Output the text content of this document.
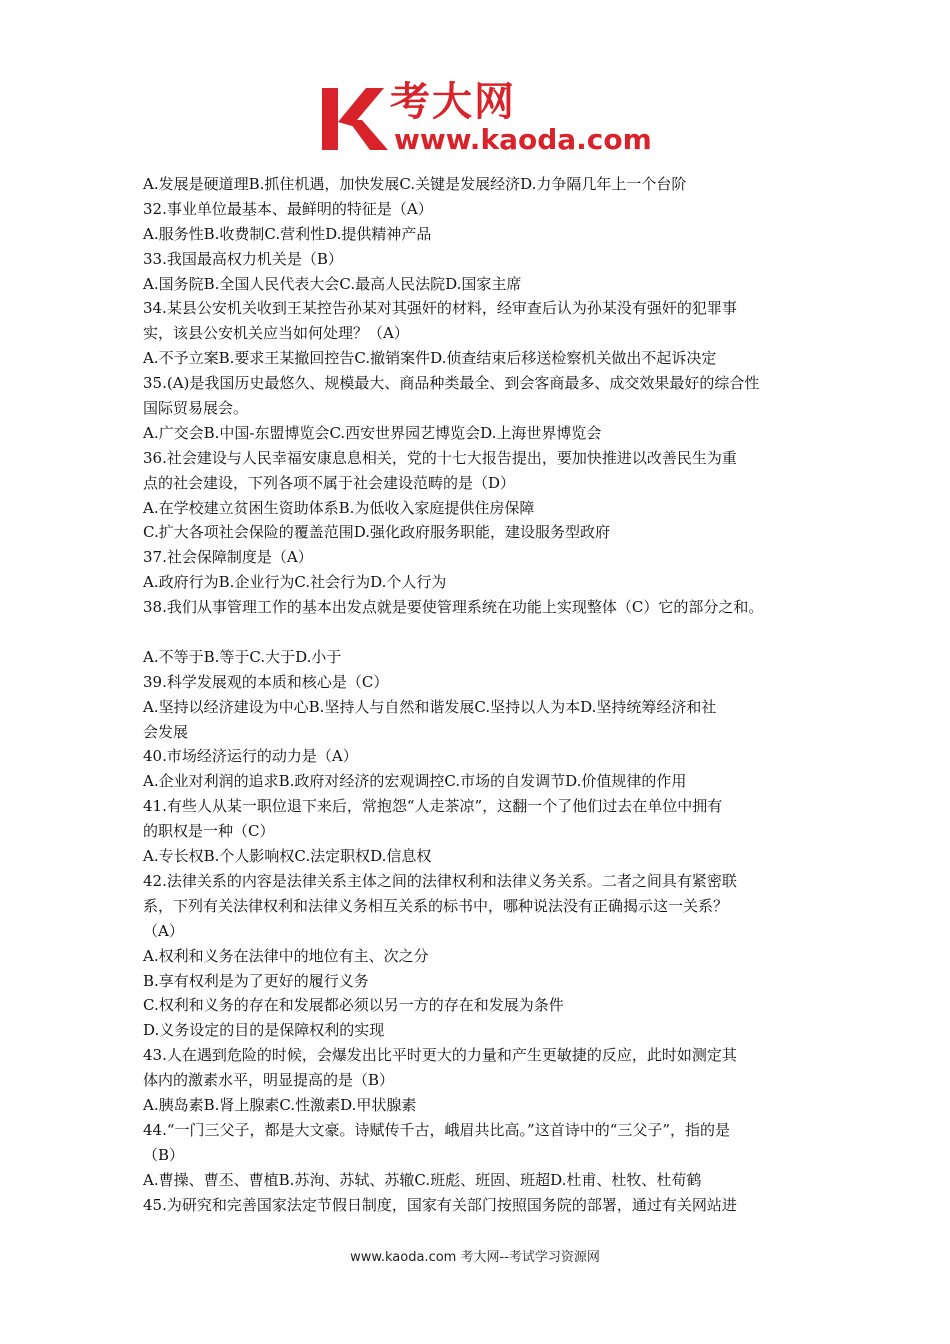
考大网
www.kaoda.com
A.发展是硬道理B.抓住机遇，加快发展C.关键是发展经济D.力争隔几年上一个台阶
32.事业单位最基本、最鲜明的特征是（A）
A.服务性B.收费制C.营利性D.提供精神产品
33.我国最高权力机关是（B）
A.国务院B.全国人民代表大会C.最高人民法院D.国家主席
34.某县公安机关收到王某控告孙某对其强奸的材料，经审查后认为孙某没有强奸的犯罪事
实，该县公安机关应当如何处理？（A）
A.不予立案B.要求王某撤回控告C.撤销案件D.侦查结束后移送检察机关做出不起诉决定
35.(A)是我国历史最悠久、规模最大、商品种类最全、到会客商最多、成交效果最好的综合性
国际贸易展会。
A.广交会B.中国-东盟博览会C.西安世界园艺博览会D.上海世界博览会
36.社会建设与人民幸福安康息息相关，党的十七大报告提出，要加快推进以改善民生为重
点的社会建设，下列各项不属于社会建设范畴的是（D）
A.在学校建立贫困生资助体系B.为低收入家庭提供住房保障
C.扩大各项社会保险的覆盖范围D.强化政府服务职能，建设服务型政府
37.社会保障制度是（A）
A.政府行为B.企业行为C.社会行为D.个人行为
38.我们从事管理工作的基本出发点就是要使管理系统在功能上实现整体（C）它的部分之和。
A.不等于B.等于C.大于D.小于
39.科学发展观的本质和核心是（C）
A.坚持以经济建设为中心B.坚持人与自然和谐发展C.坚持以人为本D.坚持统筹经济和社
会发展
40.市场经济运行的动力是（A）
A.企业对利润的追求B.政府对经济的宏观调控C.市场的自发调节D.价值规律的作用
41.有些人从某一职位退下来后，常抱怨“人走茶凉”，这翻一个了他们过去在单位中拥有
的职权是一种（C）
A.专长权B.个人影响权C.法定职权D.信息权
42.法律关系的内容是法律关系主体之间的法律权利和法律义务关系。二者之间具有紧密联
系，下列有关法律权利和法律义务相互关系的标书中，哪种说法没有正确揭示这一关系？
（A）
A.权利和义务在法律中的地位有主、次之分
B.享有权利是为了更好的履行义务
C.权利和义务的存在和发展都必须以另一方的存在和发展为条件
D.义务设定的目的是保障权利的实现
43.人在遇到危险的时候，会爆发出比平时更大的力量和产生更敏捷的反应，此时如测定其
体内的激素水平，明显提高的是（B）
A.胰岛素B.肾上腺素C.性激素D.甲状腺素
44.“一门三父子，都是大文豪。诗赋传千古，峨眉共比高。”这首诗中的“三父子”，指的是
（B）
A.曹操、曹丕、曹植B.苏洵、苏轼、苏辙C.班彪、班固、班超D.杜甫、杜牧、杜荀鹤
45.为研究和完善国家法定节假日制度，国家有关部门按照国务院的部署，通过有关网站进
www.kaoda.com 考大网--考试学习资源网
